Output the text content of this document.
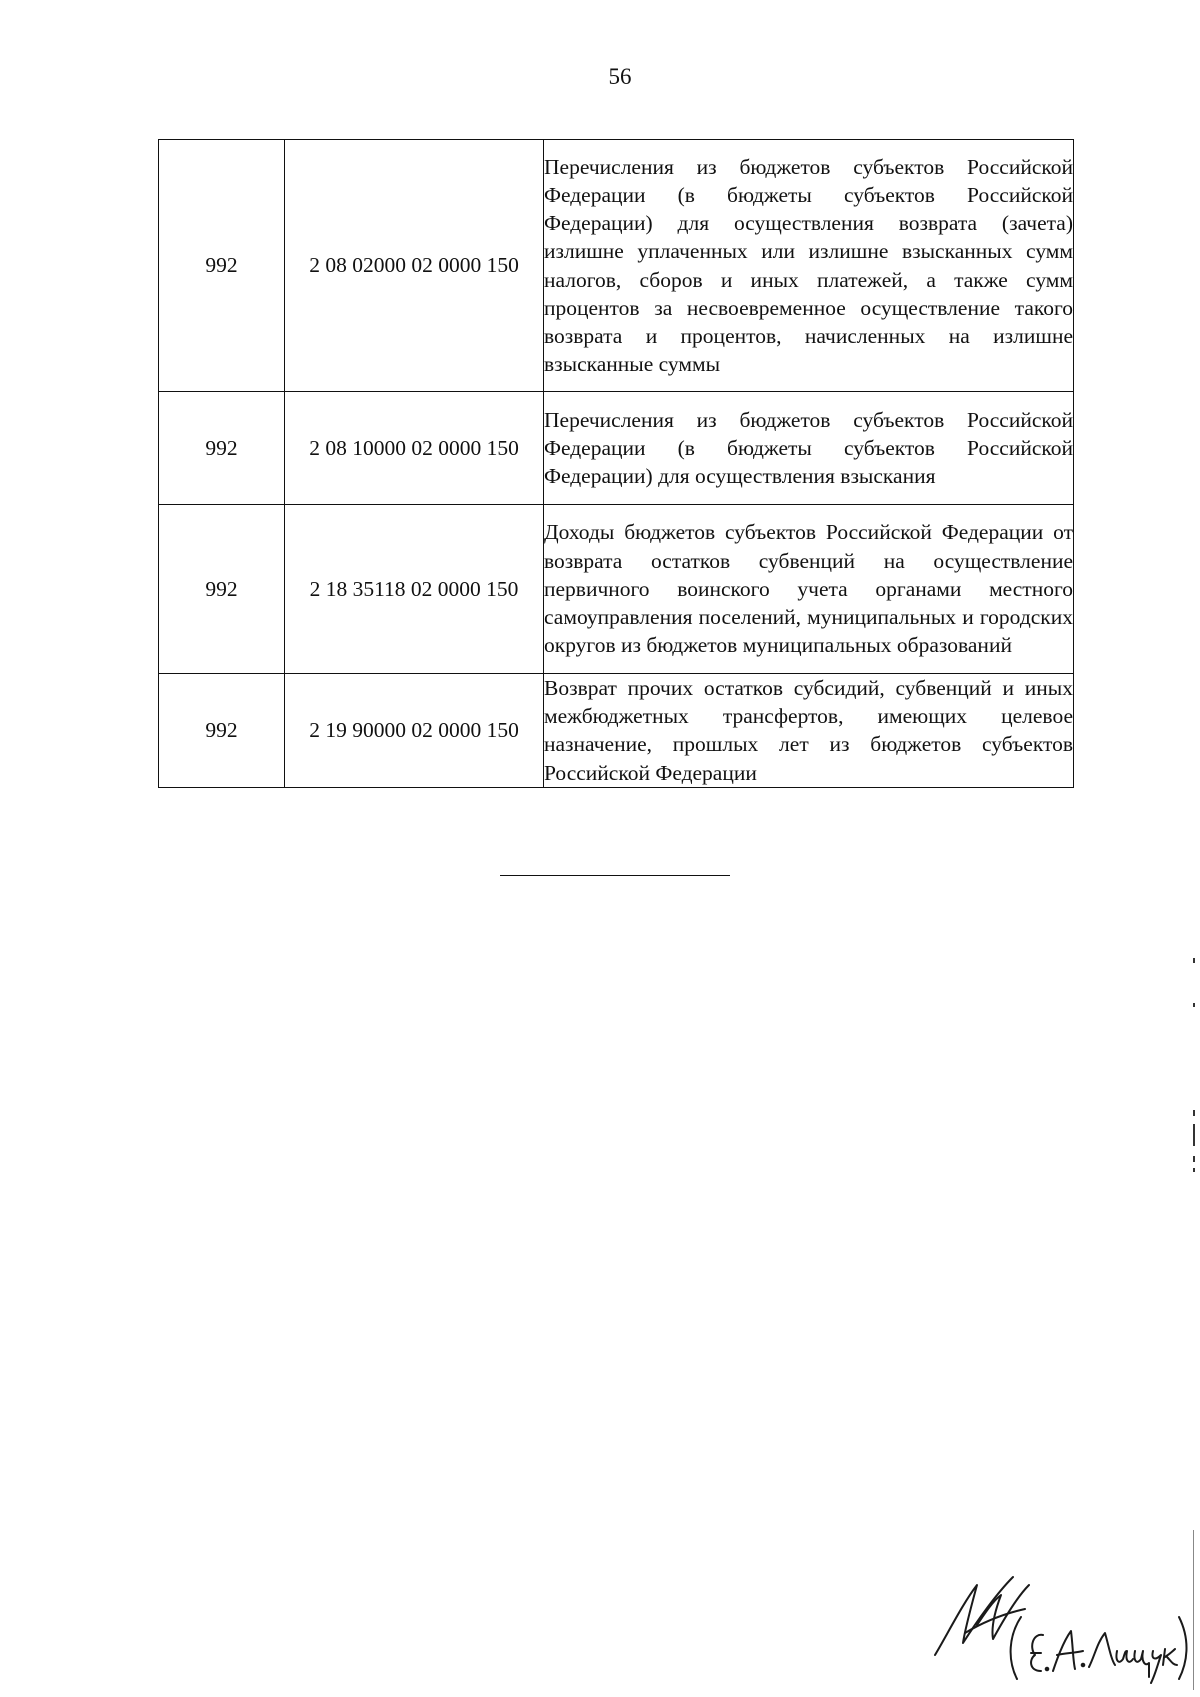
56
992	2 08 02000 02 0000 150	Перечисления из бюджетов субъектов Российской Федерации (в бюджеты субъектов Российской Федерации) для осуществления возврата (зачета) излишне уплаченных или излишне взысканных сумм налогов, сборов и иных платежей, а также сумм процентов за несвоевременное осуществление такого возврата и процентов, начисленных на излишне взысканные суммы
992	2 08 10000 02 0000 150	Перечисления из бюджетов субъектов Российской Федерации (в бюджеты субъектов Российской Федерации) для осуществления взыскания
992	2 18 35118 02 0000 150	Доходы бюджетов субъектов Российской Федерации от возврата остатков субвенций на осуществление первичного воинского учета органами местного самоуправления поселений, муниципальных и городских округов из бюджетов муниципальных образований
992	2 19 90000 02 0000 150	Возврат прочих остатков субсидий, субвенций и иных межбюджетных трансфертов, имеющих целевое назначение, прошлых лет из бюджетов субъектов Российской Федерации
